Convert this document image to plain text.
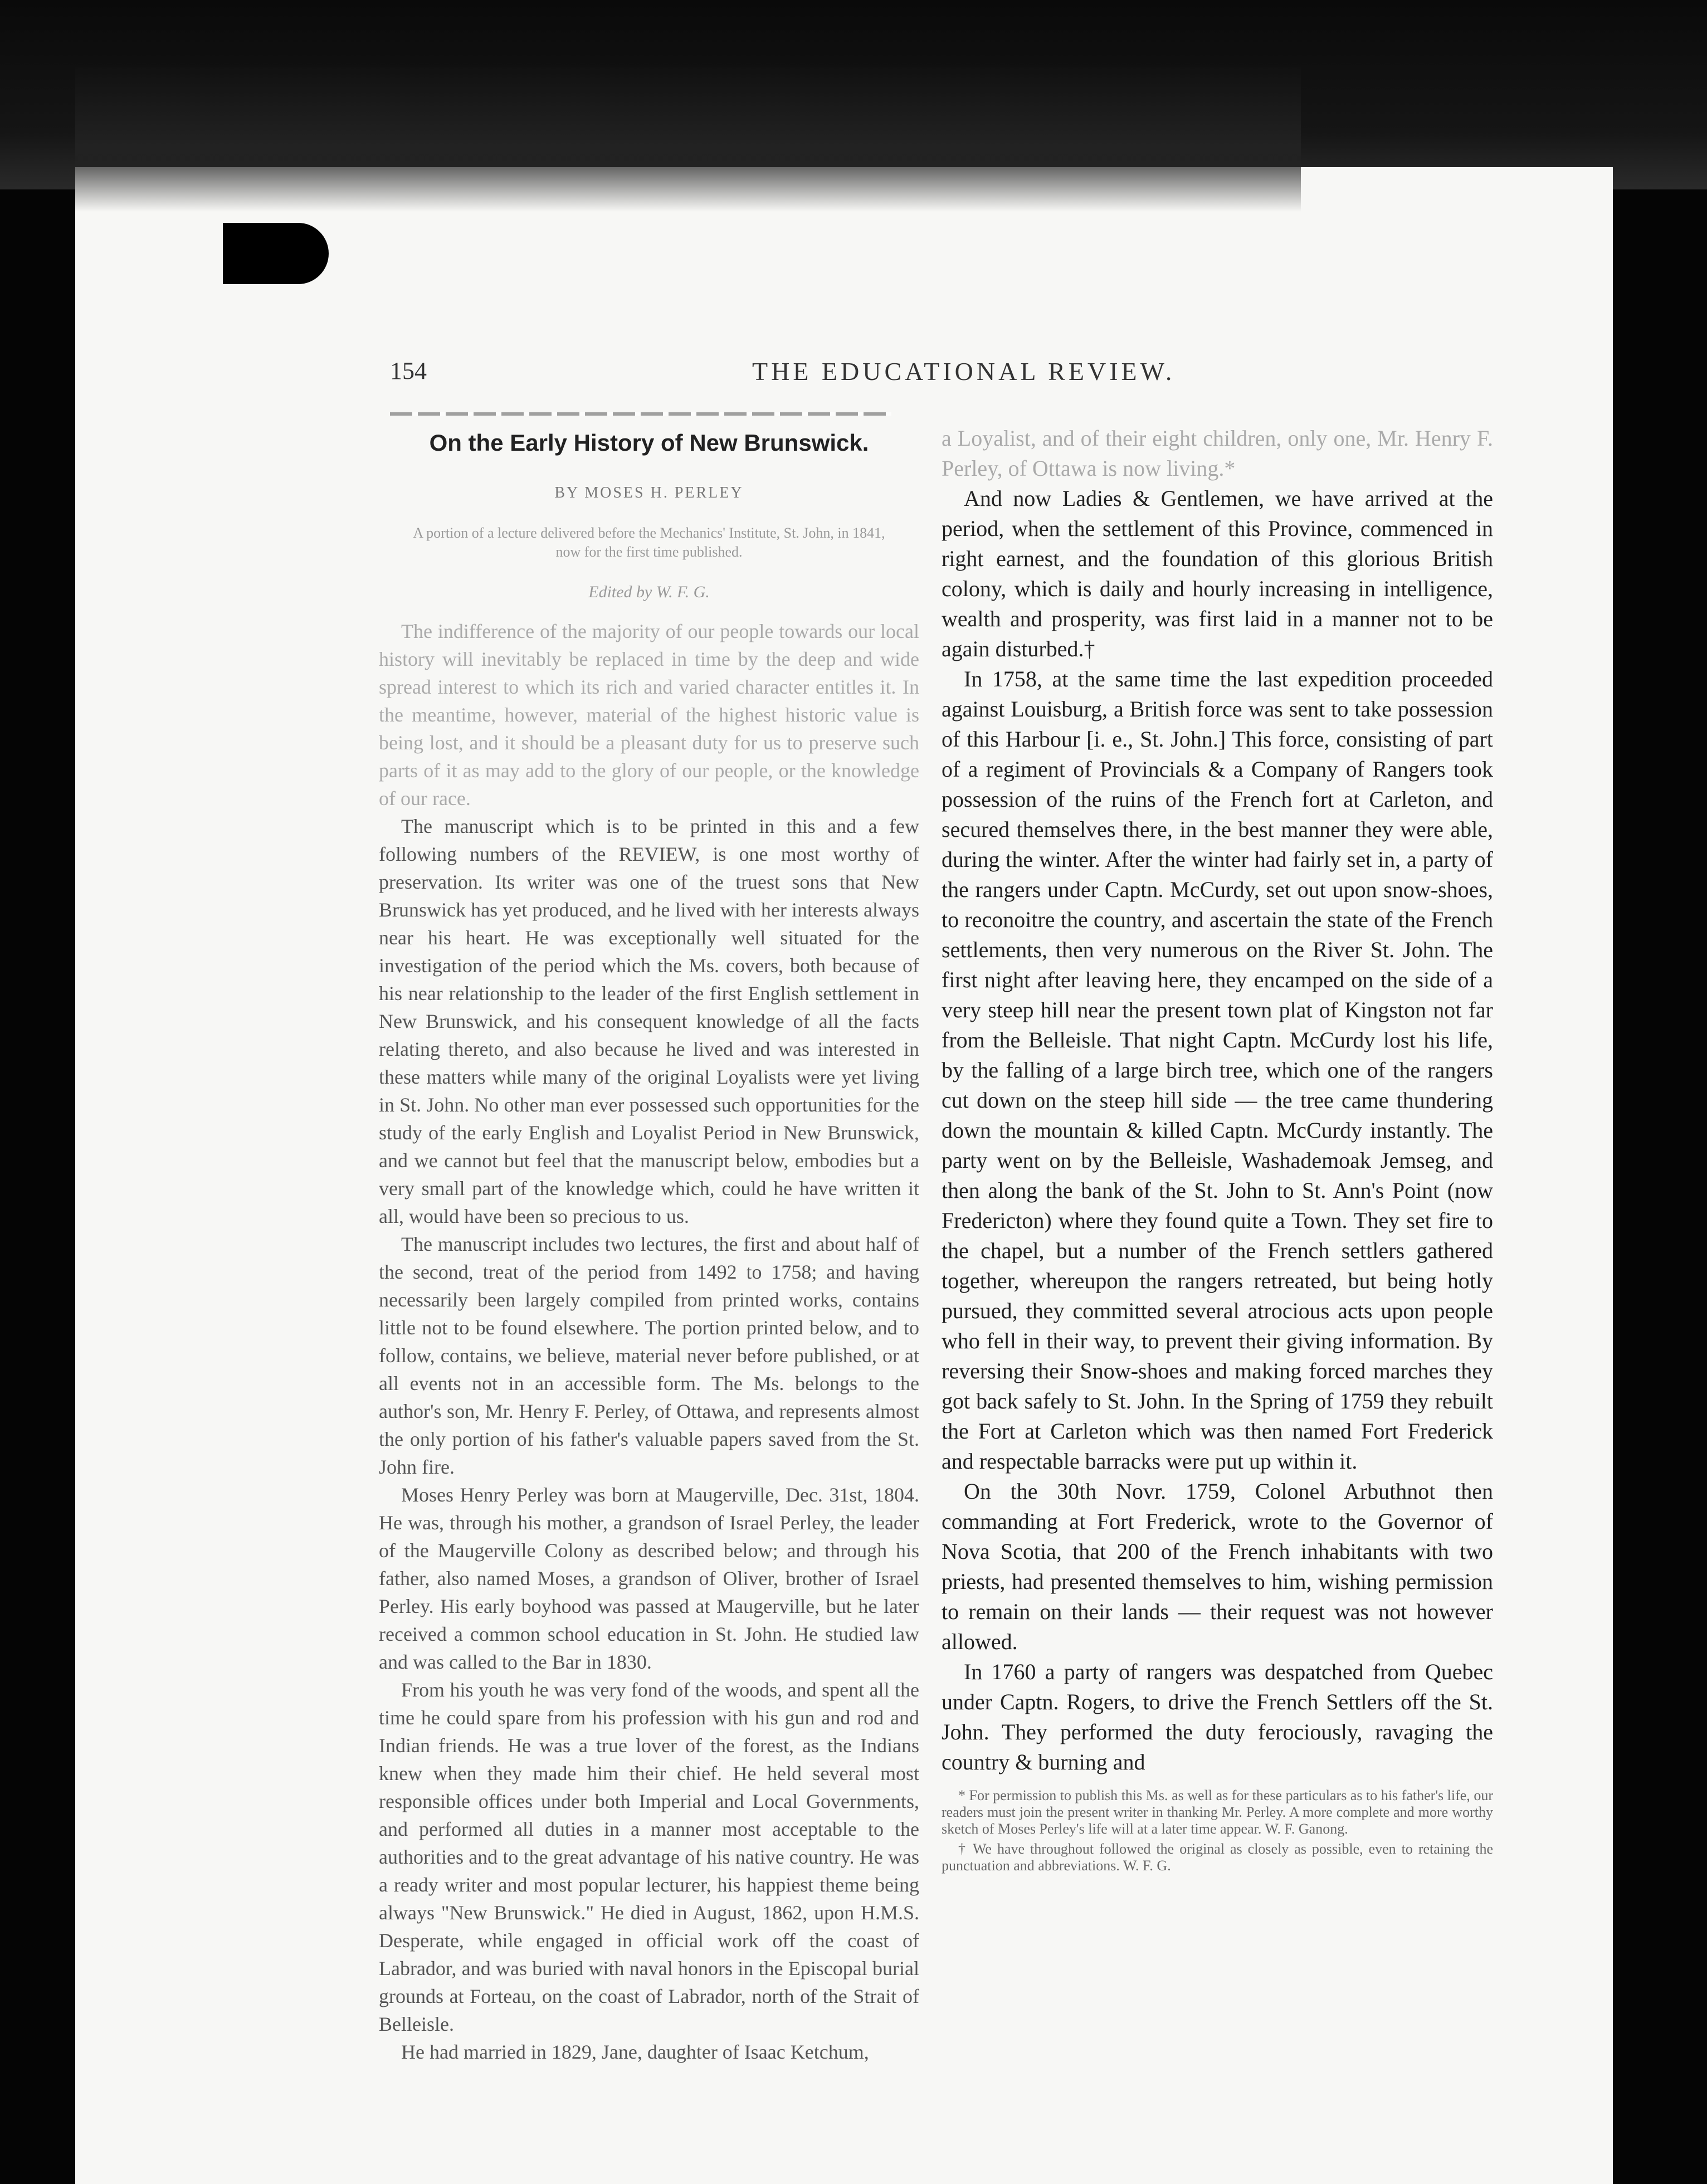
154	THE EDUCATIONAL REVIEW.
On the Early History of New Brunswick.
BY MOSES H. PERLEY
A portion of a lecture delivered before the Mechanics' Institute, St. John, in 1841, now for the first time published.
Edited by W. F. G.

The indifference of the majority of our people towards our local history will inevitably be replaced in time by the deep and wide spread interest to which its rich and varied character entitles it. In the meantime, however, material of the highest historic value is being lost, and it should be a pleasant duty for us to preserve such parts of it as may add to the glory of our people, or the knowledge of our race.

The manuscript which is to be printed in this and a few following numbers of the REVIEW, is one most worthy of preservation. Its writer was one of the truest sons that New Brunswick has yet produced, and he lived with her interests always near his heart. He was exceptionally well situated for the investigation of the period which the Ms. covers, both because of his near relationship to the leader of the first English settlement in New Brunswick, and his consequent knowledge of all the facts relating thereto, and also because he lived and was interested in these matters while many of the original Loyalists were yet living in St. John. No other man ever possessed such opportunities for the study of the early English and Loyalist Period in New Brunswick, and we cannot but feel that the manuscript below, embodies but a very small part of the knowledge which, could he have written it all, would have been so precious to us.

The manuscript includes two lectures, the first and about half of the second, treat of the period from 1492 to 1758; and having necessarily been largely compiled from printed works, contains little not to be found elsewhere. The portion printed below, and to follow, contains, we believe, material never before published, or at all events not in an accessible form. The Ms. belongs to the author's son, Mr. Henry F. Perley, of Ottawa, and represents almost the only portion of his father's valuable papers saved from the St. John fire.

Moses Henry Perley was born at Maugerville, Dec. 31st, 1804. He was, through his mother, a grandson of Israel Perley, the leader of the Maugerville Colony as described below; and through his father, also named Moses, a grandson of Oliver, brother of Israel Perley. His early boyhood was passed at Maugerville, but he later received a common school education in St. John. He studied law and was called to the Bar in 1830.

From his youth he was very fond of the woods, and spent all the time he could spare from his profession with his gun and rod and Indian friends. He was a true lover of the forest, as the Indians knew when they made him their chief. He held several most responsible offices under both Imperial and Local Governments, and performed all duties in a manner most acceptable to the authorities and to the great advantage of his native country. He was a ready writer and most popular lecturer, his happiest theme being always "New Brunswick." He died in August, 1862, upon H.M.S. Desperate, while engaged in official work off the coast of Labrador, and was buried with naval honors in the Episcopal burial grounds at Forteau, on the coast of Labrador, north of the Strait of Belleisle.

He had married in 1829, Jane, daughter of Isaac Ketchum,

a Loyalist, and of their eight children, only one, Mr. Henry F. Perley, of Ottawa is now living.*

And now Ladies & Gentlemen, we have arrived at the period, when the settlement of this Province, commenced in right earnest, and the foundation of this glorious British colony, which is daily and hourly increasing in intelligence, wealth and prosperity, was first laid in a manner not to be again disturbed.†

In 1758, at the same time the last expedition proceeded against Louisburg, a British force was sent to take possession of this Harbour [i. e., St. John.] This force, consisting of part of a regiment of Provincials & a Company of Rangers took possession of the ruins of the French fort at Carleton, and secured themselves there, in the best manner they were able, during the winter. After the winter had fairly set in, a party of the rangers under Captn. McCurdy, set out upon snow-shoes, to reconoitre the country, and ascertain the state of the French settlements, then very numerous on the River St. John. The first night after leaving here, they encamped on the side of a very steep hill near the present town plat of Kingston not far from the Belleisle. That night Captn. McCurdy lost his life, by the falling of a large birch tree, which one of the rangers cut down on the steep hill side — the tree came thundering down the mountain & killed Captn. McCurdy instantly. The party went on by the Belleisle, Washademoak Jemseg, and then along the bank of the St. John to St. Ann's Point (now Fredericton) where they found quite a Town. They set fire to the chapel, but a number of the French settlers gathered together, whereupon the rangers retreated, but being hotly pursued, they committed several atrocious acts upon people who fell in their way, to prevent their giving information. By reversing their Snow-shoes and making forced marches they got back safely to St. John. In the Spring of 1759 they rebuilt the Fort at Carleton which was then named Fort Frederick and respectable barracks were put up within it.

On the 30th Novr. 1759, Colonel Arbuthnot then commanding at Fort Frederick, wrote to the Governor of Nova Scotia, that 200 of the French inhabitants with two priests, had presented themselves to him, wishing permission to remain on their lands — their request was not however allowed.

In 1760 a party of rangers was despatched from Quebec under Captn. Rogers, to drive the French Settlers off the St. John. They performed the duty ferociously, ravaging the country & burning and

* For permission to publish this Ms. as well as for these particulars as to his father's life, our readers must join the present writer in thanking Mr. Perley. A more complete and more worthy sketch of Moses Perley's life will at a later time appear. W. F. Ganong.

† We have throughout followed the original as closely as possible, even to retaining the punctuation and abbreviations. W. F. G.
